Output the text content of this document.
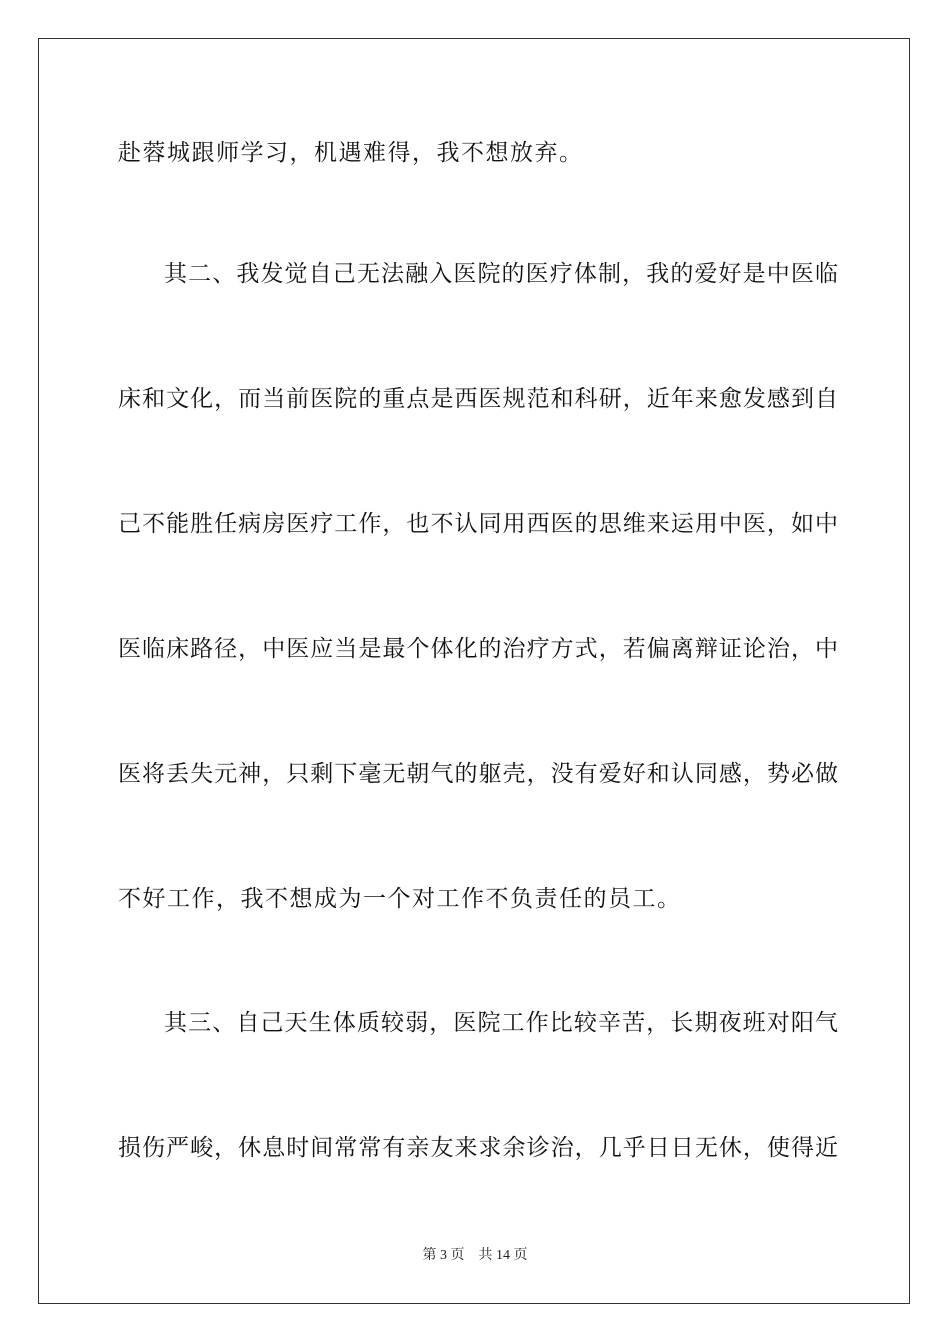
赴蓉城跟师学习，机遇难得，我不想放弃。
其二、我发觉自己无法融入医院的医疗体制，我的爱好是中医临
床和文化，而当前医院的重点是西医规范和科研，近年来愈发感到自
己不能胜任病房医疗工作，也不认同用西医的思维来运用中医，如中
医临床路径，中医应当是最个体化的治疗方式，若偏离辩证论治，中
医将丢失元神，只剩下毫无朝气的躯壳，没有爱好和认同感，势必做
不好工作，我不想成为一个对工作不负责任的员工。
其三、自己天生体质较弱，医院工作比较辛苦，长期夜班对阳气
损伤严峻，休息时间常常有亲友来求余诊治，几乎日日无休，使得近
第 3 页 共 14 页
